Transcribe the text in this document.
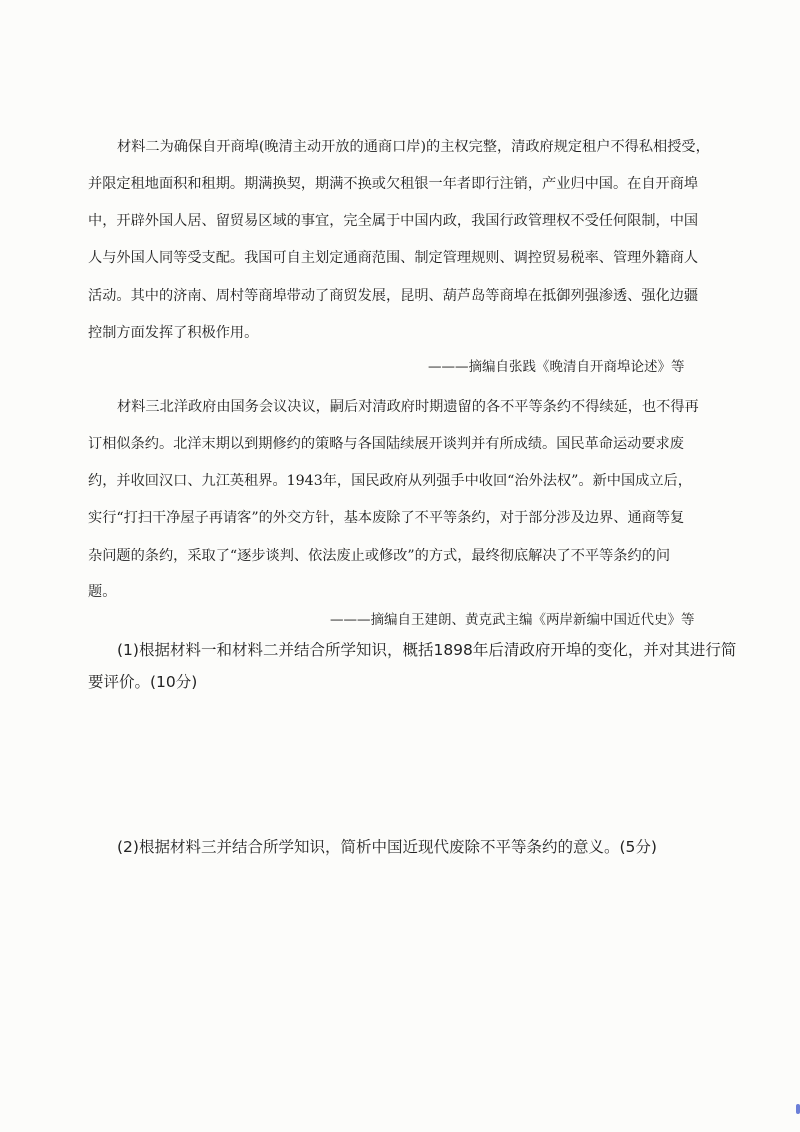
材料二为确保自开商埠(晚清主动开放的通商口岸)的主权完整，清政府规定租户不得私相授受，
并限定租地面积和租期。期满换契，期满不换或欠租银一年者即行注销，产业归中国。在自开商埠
中，开辟外国人居、留贸易区域的事宜，完全属于中国内政，我国行政管理权不受任何限制，中国
人与外国人同等受支配。我国可自主划定通商范围、制定管理规则、调控贸易税率、管理外籍商人
活动。其中的济南、周村等商埠带动了商贸发展，昆明、葫芦岛等商埠在抵御列强渗透、强化边疆
控制方面发挥了积极作用。
———摘编自张践《晚清自开商埠论述》等
材料三北洋政府由国务会议决议，嗣后对清政府时期遗留的各不平等条约不得续延，也不得再
订相似条约。北洋末期以到期修约的策略与各国陆续展开谈判并有所成绩。国民革命运动要求废
约，并收回汉口、九江英租界。1943年，国民政府从列强手中收回“治外法权”。新中国成立后，
实行“打扫干净屋子再请客”的外交方针，基本废除了不平等条约，对于部分涉及边界、通商等复
杂问题的条约，采取了“逐步谈判、依法废止或修改”的方式，最终彻底解决了不平等条约的问
题。
———摘编自王建朗、黄克武主编《两岸新编中国近代史》等
(1)根据材料一和材料二并结合所学知识，概括1898年后清政府开埠的变化，并对其进行简
要评价。(10分)
(2)根据材料三并结合所学知识，简析中国近现代废除不平等条约的意义。(5分)
